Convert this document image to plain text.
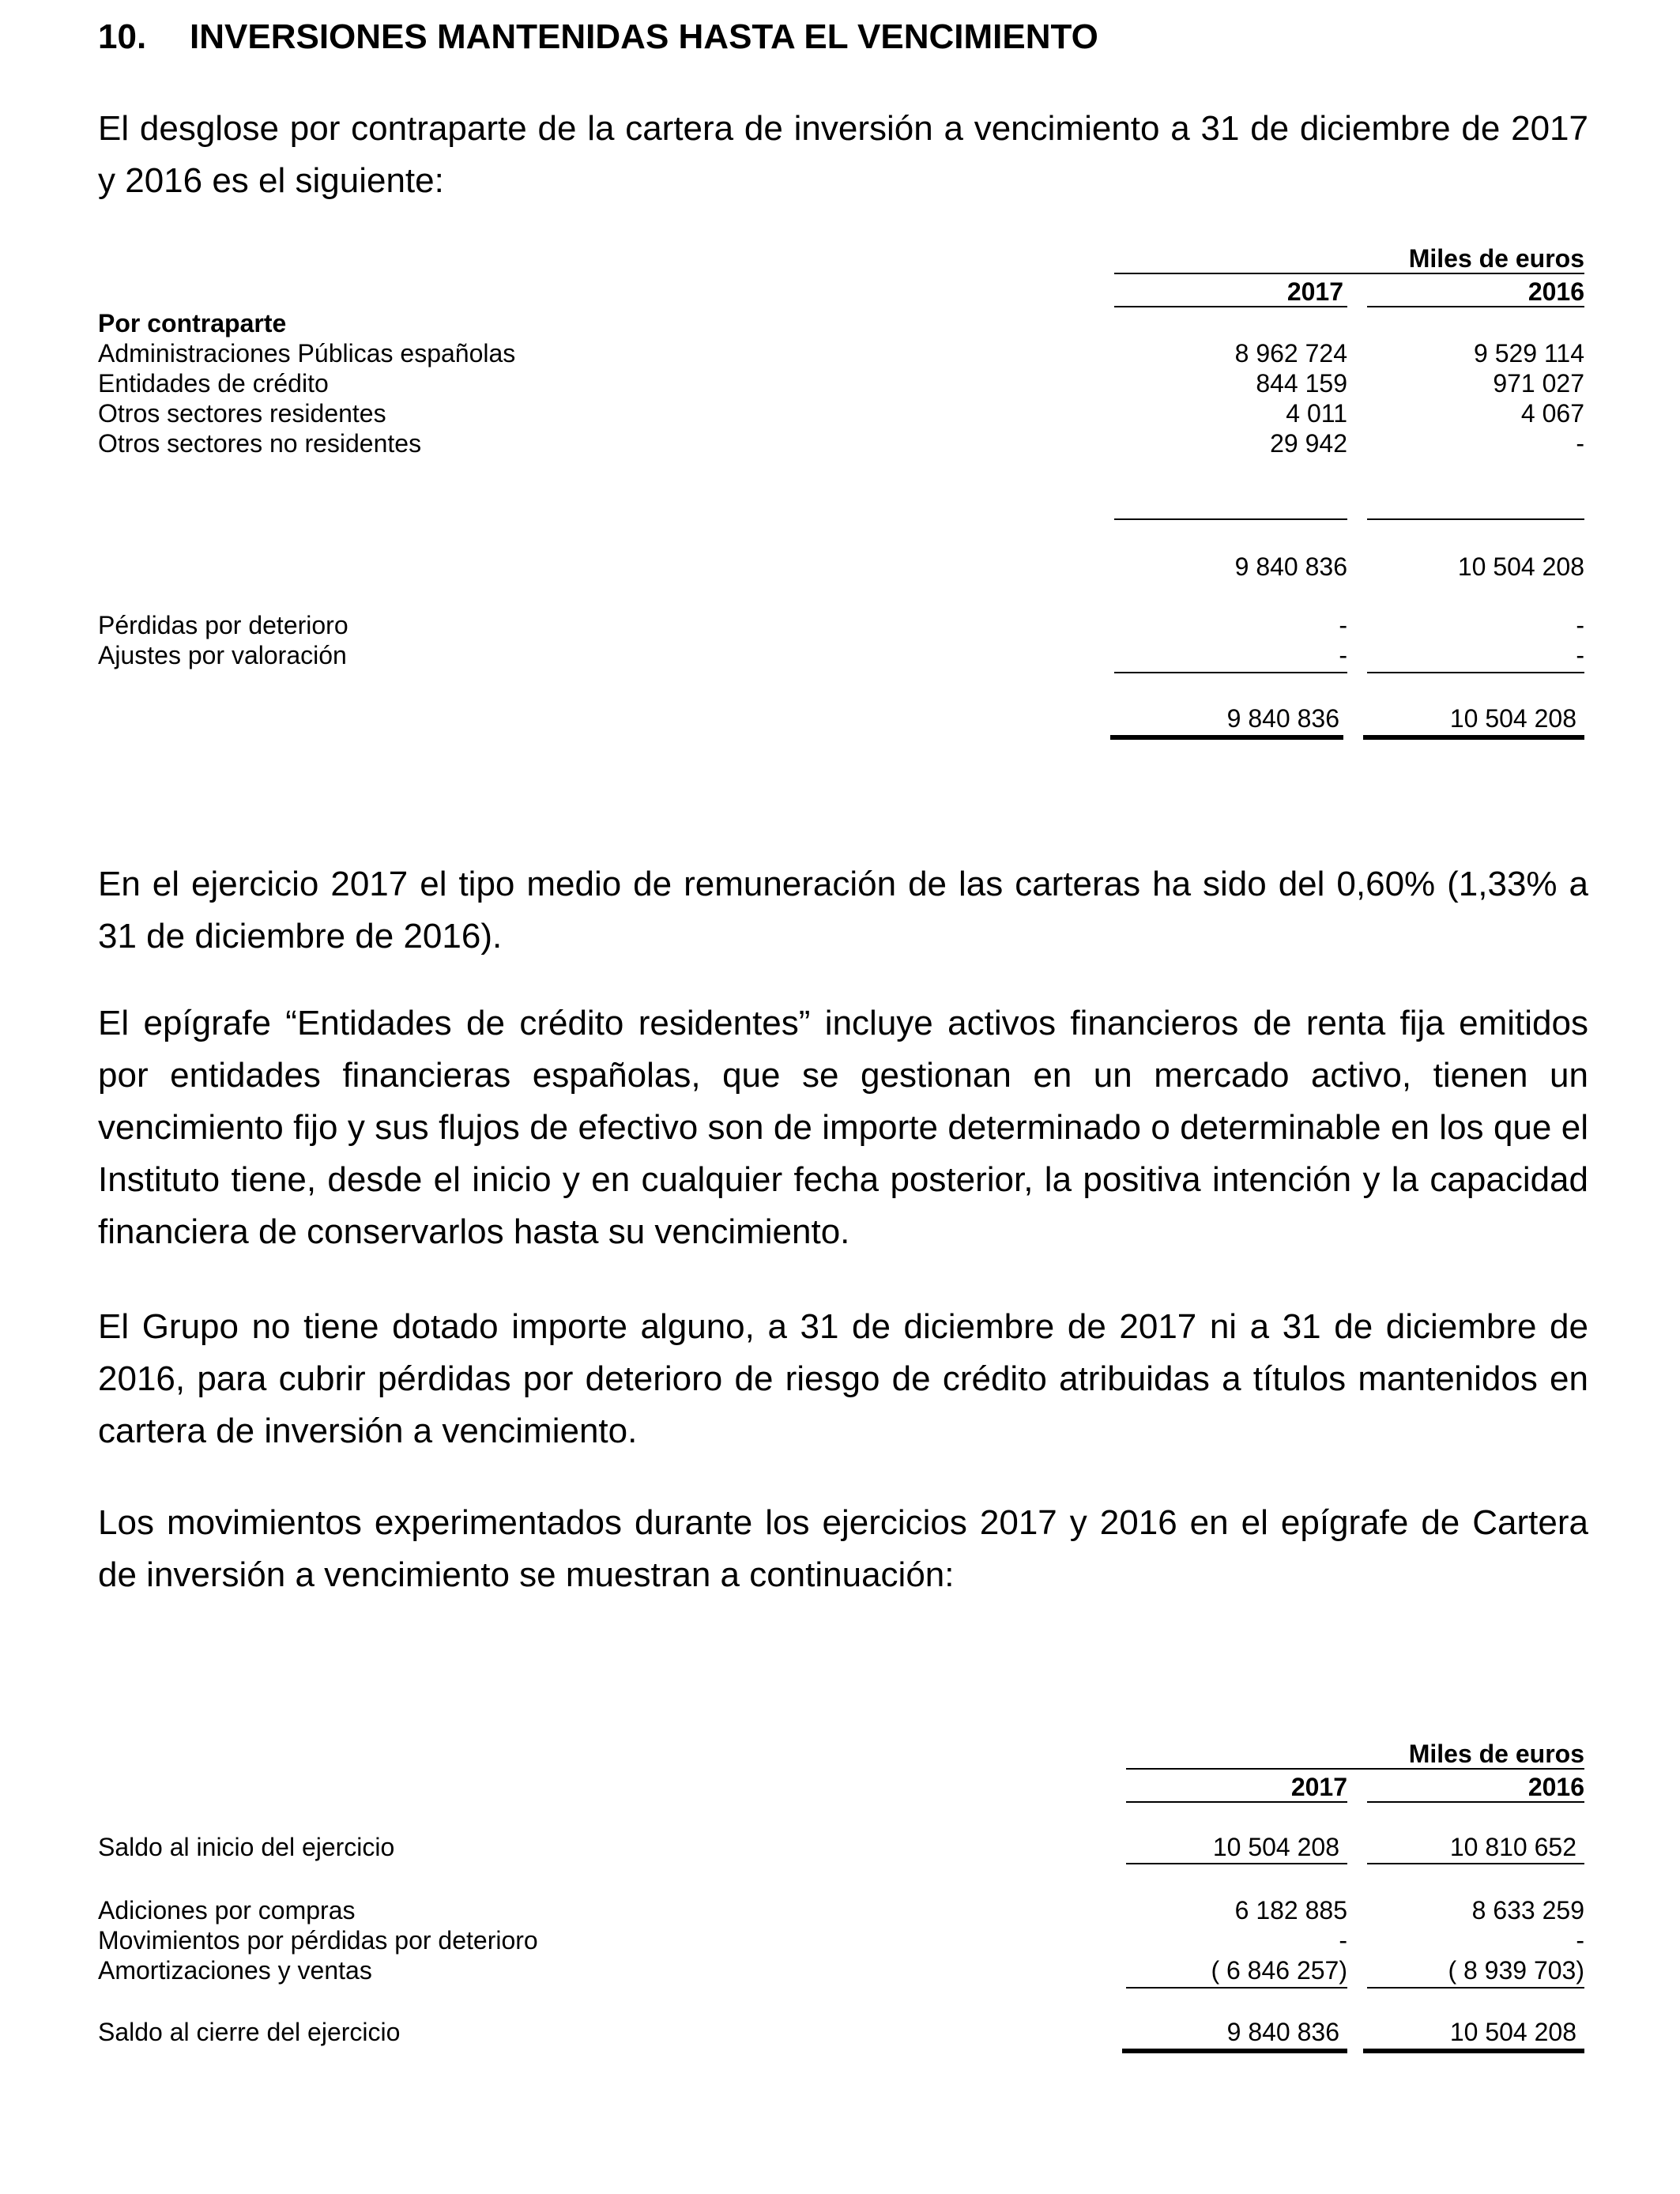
10. INVERSIONES MANTENIDAS HASTA EL VENCIMIENTO

El desglose por contraparte de la cartera de inversión a vencimiento a 31 de diciembre de 2017 y 2016 es el siguiente:

Miles de euros
2017	2016
Por contraparte
Administraciones Públicas españolas	8 962 724	9 529 114
Entidades de crédito	844 159	971 027
Otros sectores residentes	4 011	4 067
Otros sectores no residentes	29 942	-
9 840 836	10 504 208
Pérdidas por deterioro	-	-
Ajustes por valoración	-	-
9 840 836	10 504 208

En el ejercicio 2017 el tipo medio de remuneración de las carteras ha sido del 0,60% (1,33% a 31 de diciembre de 2016).

El epígrafe “Entidades de crédito residentes” incluye activos financieros de renta fija emitidos por entidades financieras españolas, que se gestionan en un mercado activo, tienen un vencimiento fijo y sus flujos de efectivo son de importe determinado o determinable en los que el Instituto tiene, desde el inicio y en cualquier fecha posterior, la positiva intención y la capacidad financiera de conservarlos hasta su vencimiento.

El Grupo no tiene dotado importe alguno, a 31 de diciembre de 2017 ni a 31 de diciembre de 2016, para cubrir pérdidas por deterioro de riesgo de crédito atribuidas a títulos mantenidos en cartera de inversión a vencimiento.

Los movimientos experimentados durante los ejercicios 2017 y 2016 en el epígrafe de Cartera de inversión a vencimiento se muestran a continuación:

Miles de euros
2017	2016
Saldo al inicio del ejercicio	10 504 208	10 810 652
Adiciones por compras	6 182 885	8 633 259
Movimientos por pérdidas por deterioro	-	-
Amortizaciones y ventas	( 6 846 257)	( 8 939 703)
Saldo al cierre del ejercicio	9 840 836	10 504 208
